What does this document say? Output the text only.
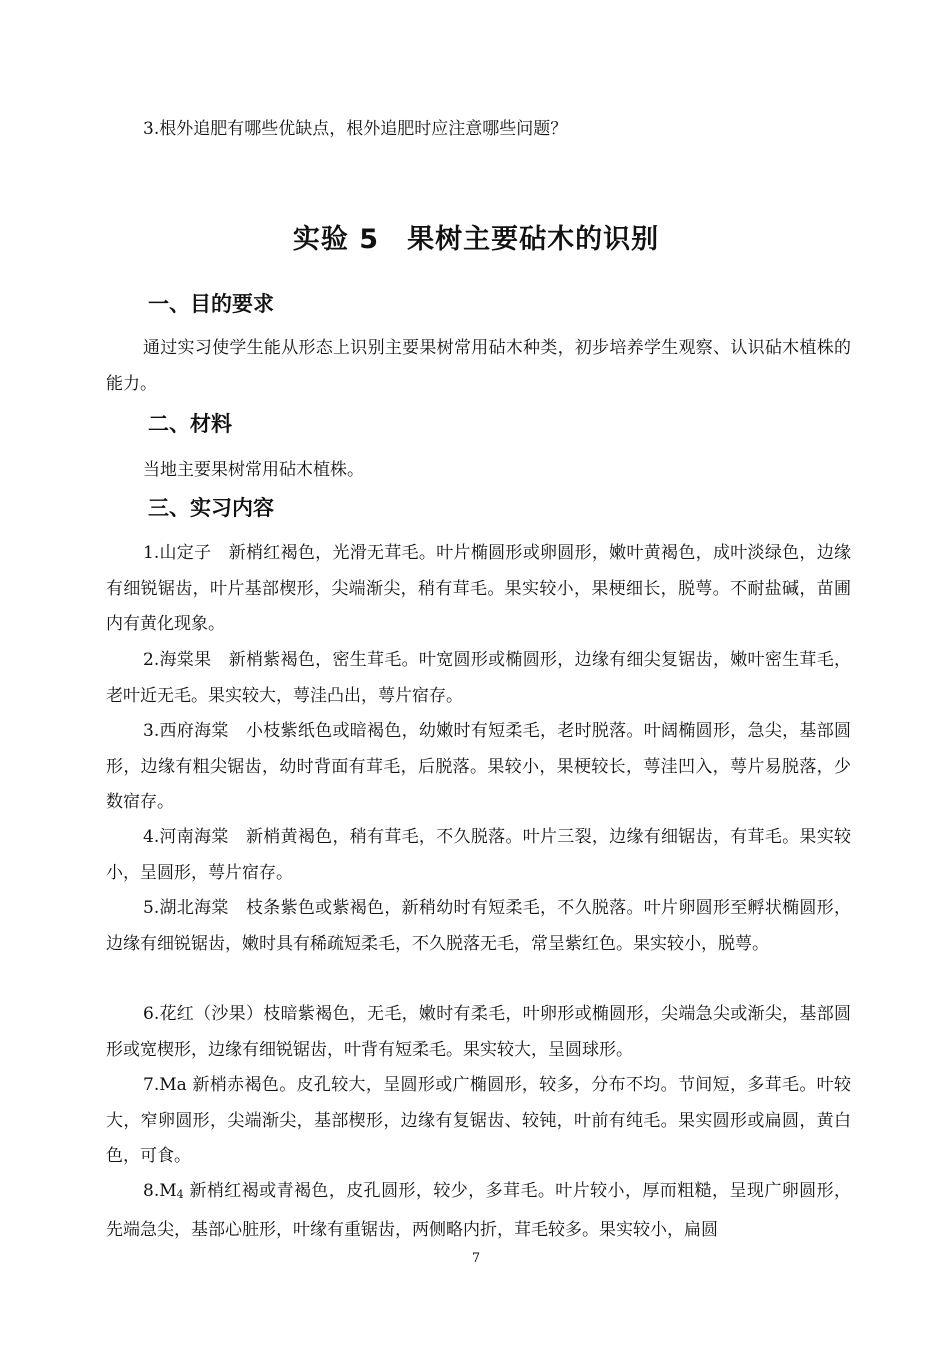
3.根外追肥有哪些优缺点，根外追肥时应注意哪些问题？
实验 5　果树主要砧木的识别
一、目的要求

通过实习使学生能从形态上识别主要果树常用砧木种类，初步培养学生观察、认识砧木植株的能力。

二、材料

当地主要果树常用砧木植株。

三、实习内容

1.山定子　新梢红褐色，光滑无茸毛。叶片椭圆形或卵圆形，嫩叶黄褐色，成叶淡绿色，边缘有细锐锯齿，叶片基部楔形，尖端渐尖，稍有茸毛。果实较小，果梗细长，脱萼。不耐盐碱，苗圃内有黄化现象。

2.海棠果　新梢紫褐色，密生茸毛。叶宽圆形或椭圆形，边缘有细尖复锯齿，嫩叶密生茸毛，老叶近无毛。果实较大，萼洼凸出，萼片宿存。

3.西府海棠　小枝紫纸色或暗褐色，幼嫩时有短柔毛，老时脱落。叶阔椭圆形，急尖，基部圆形，边缘有粗尖锯齿，幼时背面有茸毛，后脱落。果较小，果梗较长，萼洼凹入，萼片易脱落，少数宿存。

4.河南海棠　新梢黄褐色，稍有茸毛，不久脱落。叶片三裂，边缘有细锯齿，有茸毛。果实较小，呈圆形，萼片宿存。

5.湖北海棠　枝条紫色或紫褐色，新稍幼时有短柔毛，不久脱落。叶片卵圆形至孵状椭圆形，边缘有细锐锯齿，嫩时具有稀疏短柔毛，不久脱落无毛，常呈紫红色。果实较小，脱萼。

6.花红（沙果）枝暗紫褐色，无毛，嫩时有柔毛，叶卵形或椭圆形，尖端急尖或渐尖，基部圆形或宽楔形，边缘有细锐锯齿，叶背有短柔毛。果实较大，呈圆球形。

7.Ma 新梢赤褐色。皮孔较大，呈圆形或广椭圆形，较多，分布不均。节间短，多茸毛。叶较大，窄卵圆形，尖端渐尖，基部楔形，边缘有复锯齿、较钝，叶前有纯毛。果实圆形或扁圆，黄白色，可食。

$8.M_4$ 新梢红褐或青褐色，皮孔圆形，较少，多茸毛。叶片较小，厚而粗糙，呈现广卵圆形，先端急尖，基部心脏形，叶缘有重锯齿，两侧略内折，茸毛较多。果实较小，扁圆

7
